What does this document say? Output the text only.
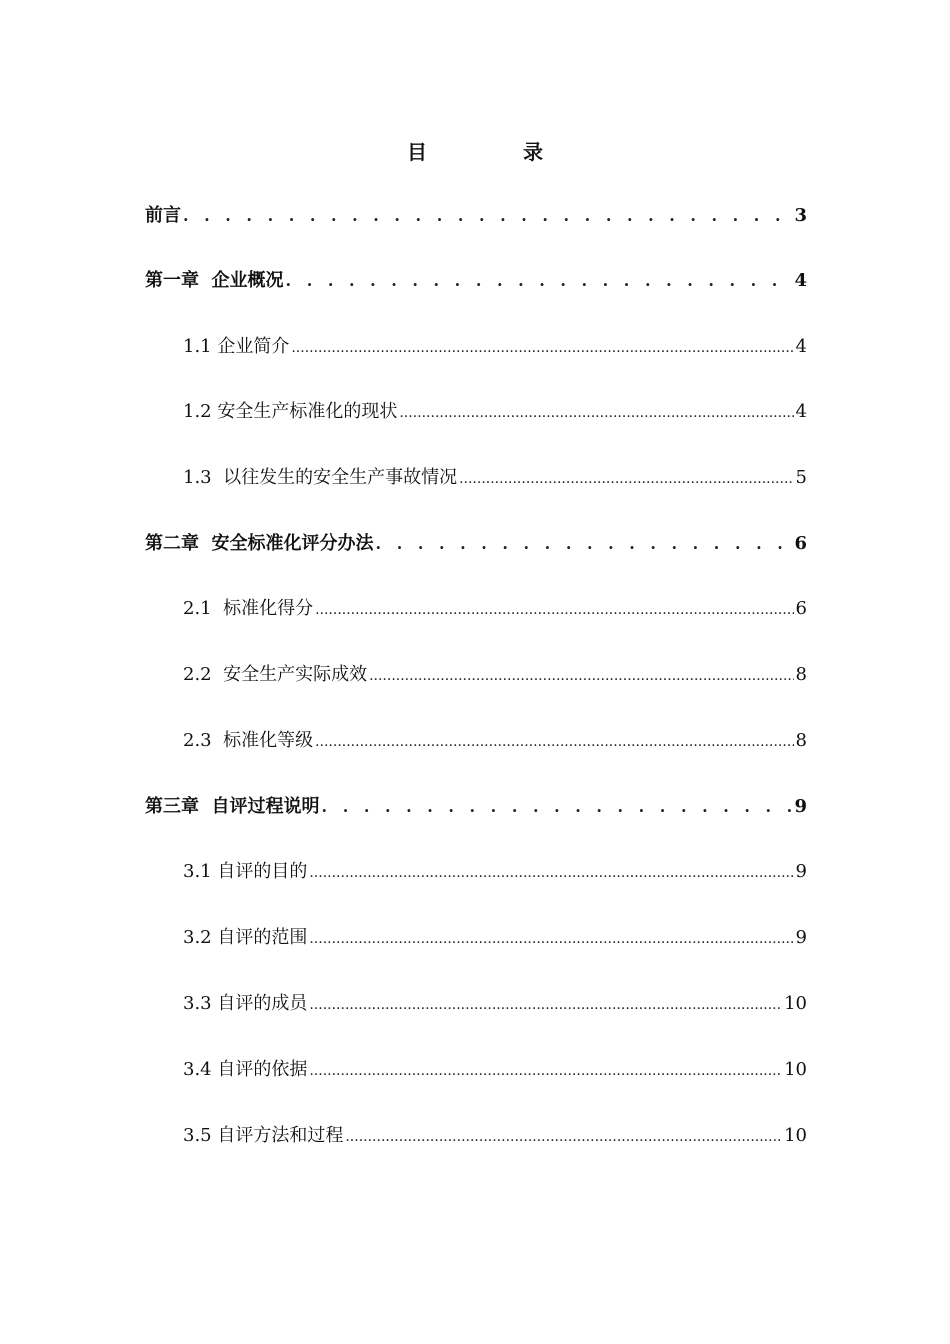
目　录
前言 . . .	3
第一章  企业概况 . . .	4
1.1 企业简介 .....	4
1.2 安全生产标准化的现状 .....	4
1.3  以往发生的安全生产事故情况 .....	5
第二章  安全标准化评分办法 . . .	6
2.1  标准化得分 .....	6
2.2  安全生产实际成效 .....	8
2.3  标准化等级 .....	8
第三章  自评过程说明 . . .	9
3.1 自评的目的 .....	9
3.2 自评的范围 .....	9
3.3 自评的成员 .....	10
3.4 自评的依据 .....	10
3.5 自评方法和过程 .....	10
